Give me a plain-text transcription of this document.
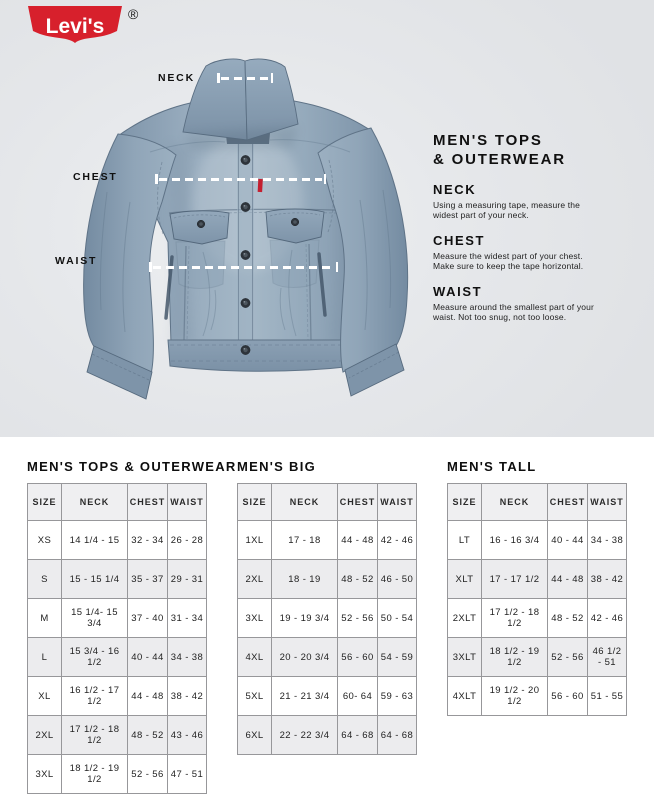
Levi's
®
NECK
CHEST
WAIST
MEN'S TOPS
& OUTERWEAR
NECK
Using a measuring tape, measure the
widest part of your neck.
CHEST
Measure the widest part of your chest.
Make sure to keep the tape horizontal.
WAIST
Measure around the smallest part of your
waist. Not too snug, not too loose.
MEN'S TOPS & OUTERWEAR
SIZE	NECK	CHEST	WAIST
XS	14 1/4 - 15	32 - 34	26 - 28
S	15 - 15 1/4	35 - 37	29 - 31
M	15 1/4- 15 3/4	37 - 40	31 - 34
L	15 3/4 - 16 1/2	40 - 44	34 - 38
XL	16 1/2 - 17 1/2	44 - 48	38 - 42
2XL	17 1/2 - 18 1/2	48 - 52	43 - 46
3XL	18 1/2 - 19 1/2	52 - 56	47 - 51
MEN'S BIG
SIZE	NECK	CHEST	WAIST
1XL	17 - 18	44 - 48	42 - 46
2XL	18 - 19	48 - 52	46 - 50
3XL	19 - 19 3/4	52 - 56	50 - 54
4XL	20 - 20 3/4	56 - 60	54 - 59
5XL	21 - 21 3/4	60- 64	59 - 63
6XL	22 - 22 3/4	64 - 68	64 - 68
MEN'S TALL
SIZE	NECK	CHEST	WAIST
LT	16 - 16 3/4	40 - 44	34 - 38
XLT	17 - 17 1/2	44 - 48	38 - 42
2XLT	17 1/2 - 18 1/2	48 - 52	42 - 46
3XLT	18 1/2 - 19 1/2	52 - 56	46 1/2 - 51
4XLT	19 1/2 - 20 1/2	56 - 60	51 - 55
